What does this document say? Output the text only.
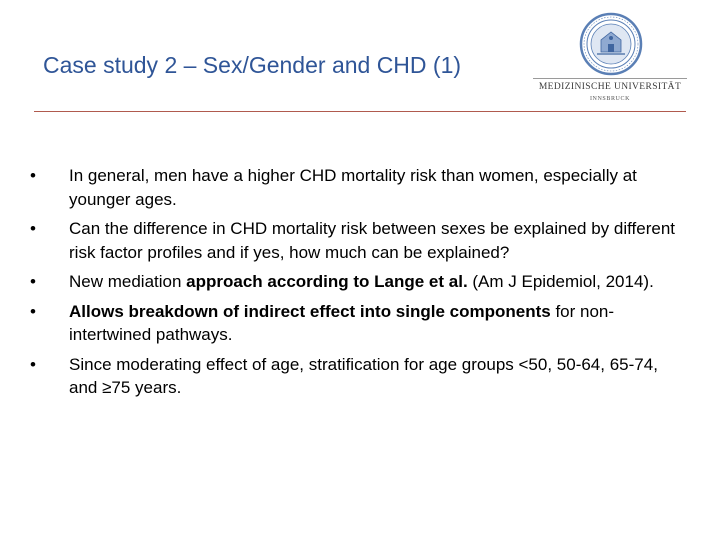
Case study 2 – Sex/Gender and CHD (1)
MEDIZINISCHE UNIVERSITÄT
INNSBRUCK
• In general, men have a higher CHD mortality risk than women, especially at younger ages.
• Can the difference in CHD mortality risk between sexes be explained by different risk factor profiles and if yes, how much can be explained?
• New mediation approach according to Lange et al. (Am J Epidemiol, 2014).
• Allows breakdown of indirect effect into single components for non-intertwined pathways.
• Since moderating effect of age, stratification for age groups <50, 50-64, 65-74, and ≥75 years.
